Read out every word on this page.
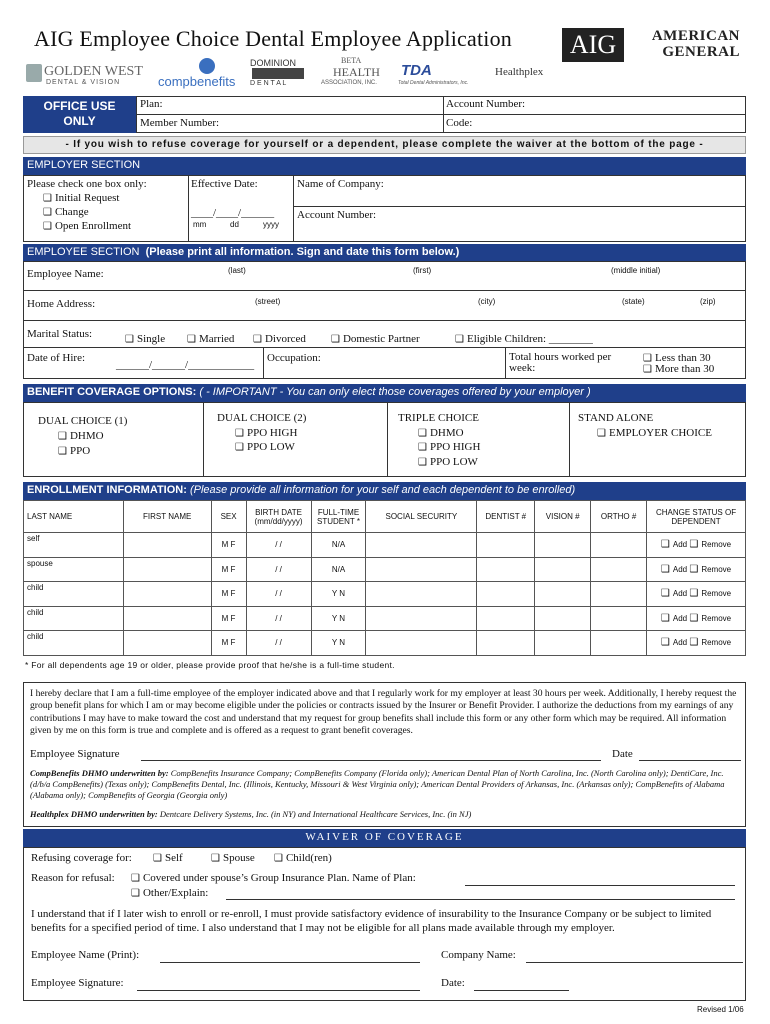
AIG Employee Choice Dental Employee Application	AIG	AMERICAN
GENERAL
GOLDEN WEST
DENTAL & VISION	compbenefits
DOMINION
D E N T A L
BETA
HEALTH
ASSOCIATION, INC.
TDA
Total Dental Administrators, Inc.
Healthplex
OFFICE USE ONLY
Plan:	Account Number:
Member Number:	Code:
- If you wish to refuse coverage for yourself or a dependent, please complete the waiver at the bottom of the page -
EMPLOYER SECTION
Please check one box only:
❑ Initial Request
❑ Change
❑ Open Enrollment
Effective Date:
____/____/______
mm	dd	yyyy
Name of Company:
Account Number:
EMPLOYEE SECTION (Please print all information. Sign and date this form below.)
Employee Name:	(last)	(first)	(middle initial)
Home Address:	(street)	(city)	(state)	(zip)
Marital Status:	❑ Single	❑ Married	❑ Divorced	❑ Domestic Partner	❑ Eligible Children: ________
Date of Hire:
______/______/____________
Occupation:	Total hours worked per week:
❑ Less than 30
❑ More than 30
BENEFIT COVERAGE OPTIONS: ( - IMPORTANT - You can only elect those coverages offered by your employer )
DUAL CHOICE (1)
❑ DHMO
❑ PPO
DUAL CHOICE (2)
❑ PPO HIGH
❑ PPO LOW
TRIPLE CHOICE
❑ DHMO
❑ PPO HIGH
❑ PPO LOW
STAND ALONE
❑ EMPLOYER CHOICE
ENROLLMENT INFORMATION: (Please provide all information for your self and each dependent to be enrolled)
LAST NAME	FIRST NAME	SEX	BIRTH DATE (mm/dd/yyyy)	FULL-TIME STUDENT *	SOCIAL SECURITY	DENTIST #	VISION #	ORTHO #	CHANGE STATUS OF DEPENDENT
self		M F	/ /	N/A					❑ Add ❑ Remove
spouse		M F	/ /	N/A					❑ Add ❑ Remove
child		M F	/ /	Y N					❑ Add ❑ Remove
child		M F	/ /	Y N					❑ Add ❑ Remove
child		M F	/ /	Y N					❑ Add ❑ Remove
* For all dependents age 19 or older, please provide proof that he/she is a full-time student.
I hereby declare that I am a full-time employee of the employer indicated above and that I regularly work for my employer at least 30 hours per week. Additionally, I hereby request the group benefit plans for which I am or may become eligible under the policies or contracts issued by the Insurer or Benefit Provider. I authorize the deductions from my earnings of any contributions I may have to make toward the cost and understand that my request for group benefits shall include this form or any other form which may be required. All information given by me on this form is true and complete and is offered as a request to grant benefit coverages.
Employee Signature	Date
CompBenefits DHMO underwritten by: CompBenefits Insurance Company; CompBenefits Company (Florida only); American Dental Plan of North Carolina, Inc. (North Carolina only); DentiCare, Inc. (d/b/a CompBenefits) (Texas only); CompBenefits Dental, Inc. (Illinois, Kentucky, Missouri & West Virginia only); American Dental Providers of Arkansas, Inc. (Arkansas only); CompBenefits of Alabama (Alabama only); CompBenefits of Georgia (Georgia only)
Healthplex DHMO underwritten by: Dentcare Delivery Systems, Inc. (in NY) and International Healthcare Services, Inc. (in NJ)
WAIVER OF COVERAGE
Refusing coverage for:	❑ Self	❑ Spouse	❑ Child(ren)
Reason for refusal:	❑ Covered under spouse’s Group Insurance Plan. Name of Plan:
❑ Other/Explain:
I understand that if I later wish to enroll or re-enroll, I must provide satisfactory evidence of insurability to the Insurance Company or be subject to limited benefits for a specified period of time. I also understand that I may not be eligible for all plans made available through my employer.
Employee Name (Print):	Company Name:
Employee Signature:	Date:
Revised 1/06
